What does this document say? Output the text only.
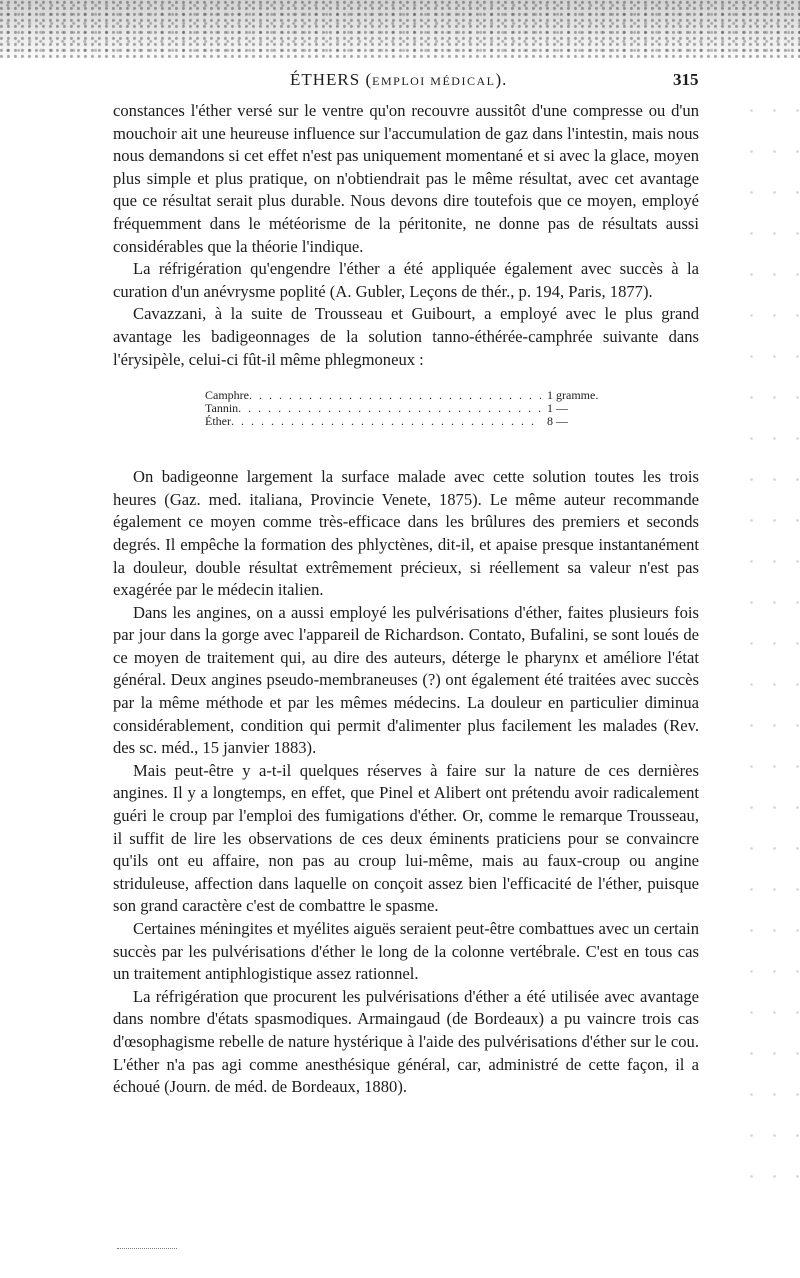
ÉTHERS (EMPLOI MÉDICAL).	315

constances l'éther versé sur le ventre qu'on recouvre aussitôt d'une compresse ou d'un mouchoir ait une heureuse influence sur l'accumulation de gaz dans l'intestin, mais nous nous demandons si cet effet n'est pas uniquement momentané et si avec la glace, moyen plus simple et plus pratique, on n'obtiendrait pas le même résultat, avec cet avantage que ce résultat serait plus durable. Nous devons dire toutefois que ce moyen, employé fréquemment dans le météorisme de la péritonite, ne donne pas de résultats aussi considérables que la théorie l'indique.

La réfrigération qu'engendre l'éther a été appliquée également avec succès à la curation d'un anévrysme poplité (A. Gubler, Leçons de thér., p. 194, Paris, 1877).

Cavazzani, à la suite de Trousseau et Guibourt, a employé avec le plus grand avantage les badigeonnages de la solution tanno-éthérée-camphrée suivante dans l'érysipèle, celui-ci fût-il même phlegmoneux :

Camphre . . .	1 gramme.
Tannin . . .	1 —
Éther . . .	8 —

On badigeonne largement la surface malade avec cette solution toutes les trois heures (Gaz. med. italiana, Provincie Venete, 1875). Le même auteur recommande également ce moyen comme très-efficace dans les brûlures des premiers et seconds degrés. Il empêche la formation des phlyctènes, dit-il, et apaise presque instantanément la douleur, double résultat extrêmement précieux, si réellement sa valeur n'est pas exagérée par le médecin italien.

Dans les angines, on a aussi employé les pulvérisations d'éther, faites plusieurs fois par jour dans la gorge avec l'appareil de Richardson. Contato, Bufalini, se sont loués de ce moyen de traitement qui, au dire des auteurs, déterge le pharynx et améliore l'état général. Deux angines pseudo-membraneuses (?) ont également été traitées avec succès par la même méthode et par les mêmes médecins. La douleur en particulier diminua considérablement, condition qui permit d'alimenter plus facilement les malades (Rev. des sc. méd., 15 janvier 1883).

Mais peut-être y a-t-il quelques réserves à faire sur la nature de ces dernières angines. Il y a longtemps, en effet, que Pinel et Alibert ont prétendu avoir radicalement guéri le croup par l'emploi des fumigations d'éther. Or, comme le remarque Trousseau, il suffit de lire les observations de ces deux éminents praticiens pour se convaincre qu'ils ont eu affaire, non pas au croup lui-même, mais au faux-croup ou angine striduleuse, affection dans laquelle on conçoit assez bien l'efficacité de l'éther, puisque son grand caractère c'est de combattre le spasme.

Certaines méningites et myélites aiguës seraient peut-être combattues avec un certain succès par les pulvérisations d'éther le long de la colonne vertébrale. C'est en tous cas un traitement antiphlogistique assez rationnel.

La réfrigération que procurent les pulvérisations d'éther a été utilisée avec avantage dans nombre d'états spasmodiques. Armaingaud (de Bordeaux) a pu vaincre trois cas d'œsophagisme rebelle de nature hystérique à l'aide des pulvérisations d'éther sur le cou. L'éther n'a pas agi comme anesthésique général, car, administré de cette façon, il a échoué (Journ. de méd. de Bordeaux, 1880).
